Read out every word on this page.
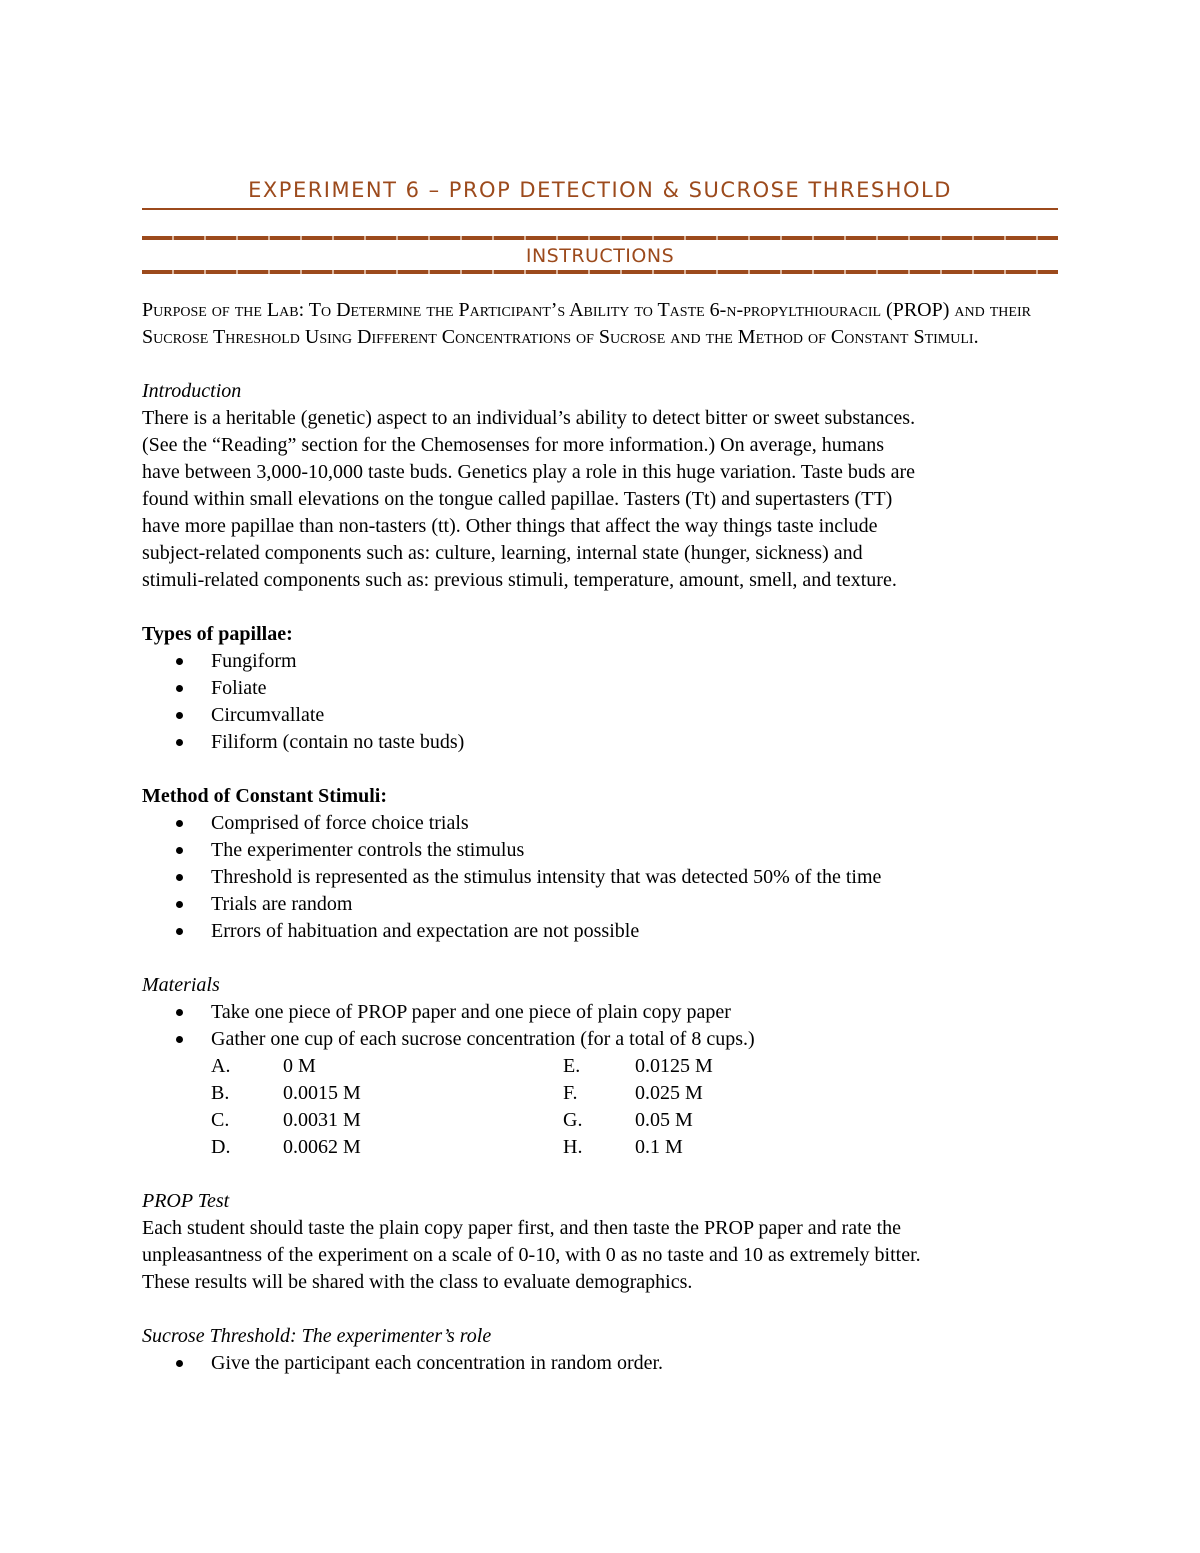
EXPERIMENT 6 – PROP DETECTION & SUCROSE THRESHOLD
INSTRUCTIONS

Purpose of the Lab: To Determine the Participant’s Ability to Taste 6-n-propylthiouracil (PROP) and their Sucrose Threshold Using Different Concentrations of Sucrose and the Method of Constant Stimuli.

Introduction

There is a heritable (genetic) aspect to an individual’s ability to detect bitter or sweet substances.

(See the “Reading” section for the Chemosenses for more information.) On average, humans

have between 3,000-10,000 taste buds. Genetics play a role in this huge variation. Taste buds are

found within small elevations on the tongue called papillae. Tasters (Tt) and supertasters (TT)

have more papillae than non-tasters (tt). Other things that affect the way things taste include

subject-related components such as: culture, learning, internal state (hunger, sickness) and

stimuli-related components such as: previous stimuli, temperature, amount, smell, and texture.

Types of papillae:

Fungiform
Foliate
Circumvallate
Filiform (contain no taste buds)

Method of Constant Stimuli:

Comprised of force choice trials
The experimenter controls the stimulus
Threshold is represented as the stimulus intensity that was detected 50% of the time
Trials are random
Errors of habituation and expectation are not possible

Materials

Take one piece of PROP paper and one piece of plain copy paper
Gather one cup of each sucrose concentration (for a total of 8 cups.)
A.	0 M	E.	0.0125 M
B.	0.0015 M	F.	0.025 M
C.	0.0031 M	G.	0.05 M
D.	0.0062 M	H.	0.1 M

PROP Test

Each student should taste the plain copy paper first, and then taste the PROP paper and rate the

unpleasantness of the experiment on a scale of 0-10, with 0 as no taste and 10 as extremely bitter.

These results will be shared with the class to evaluate demographics.

Sucrose Threshold: The experimenter’s role

Give the participant each concentration in random order.
